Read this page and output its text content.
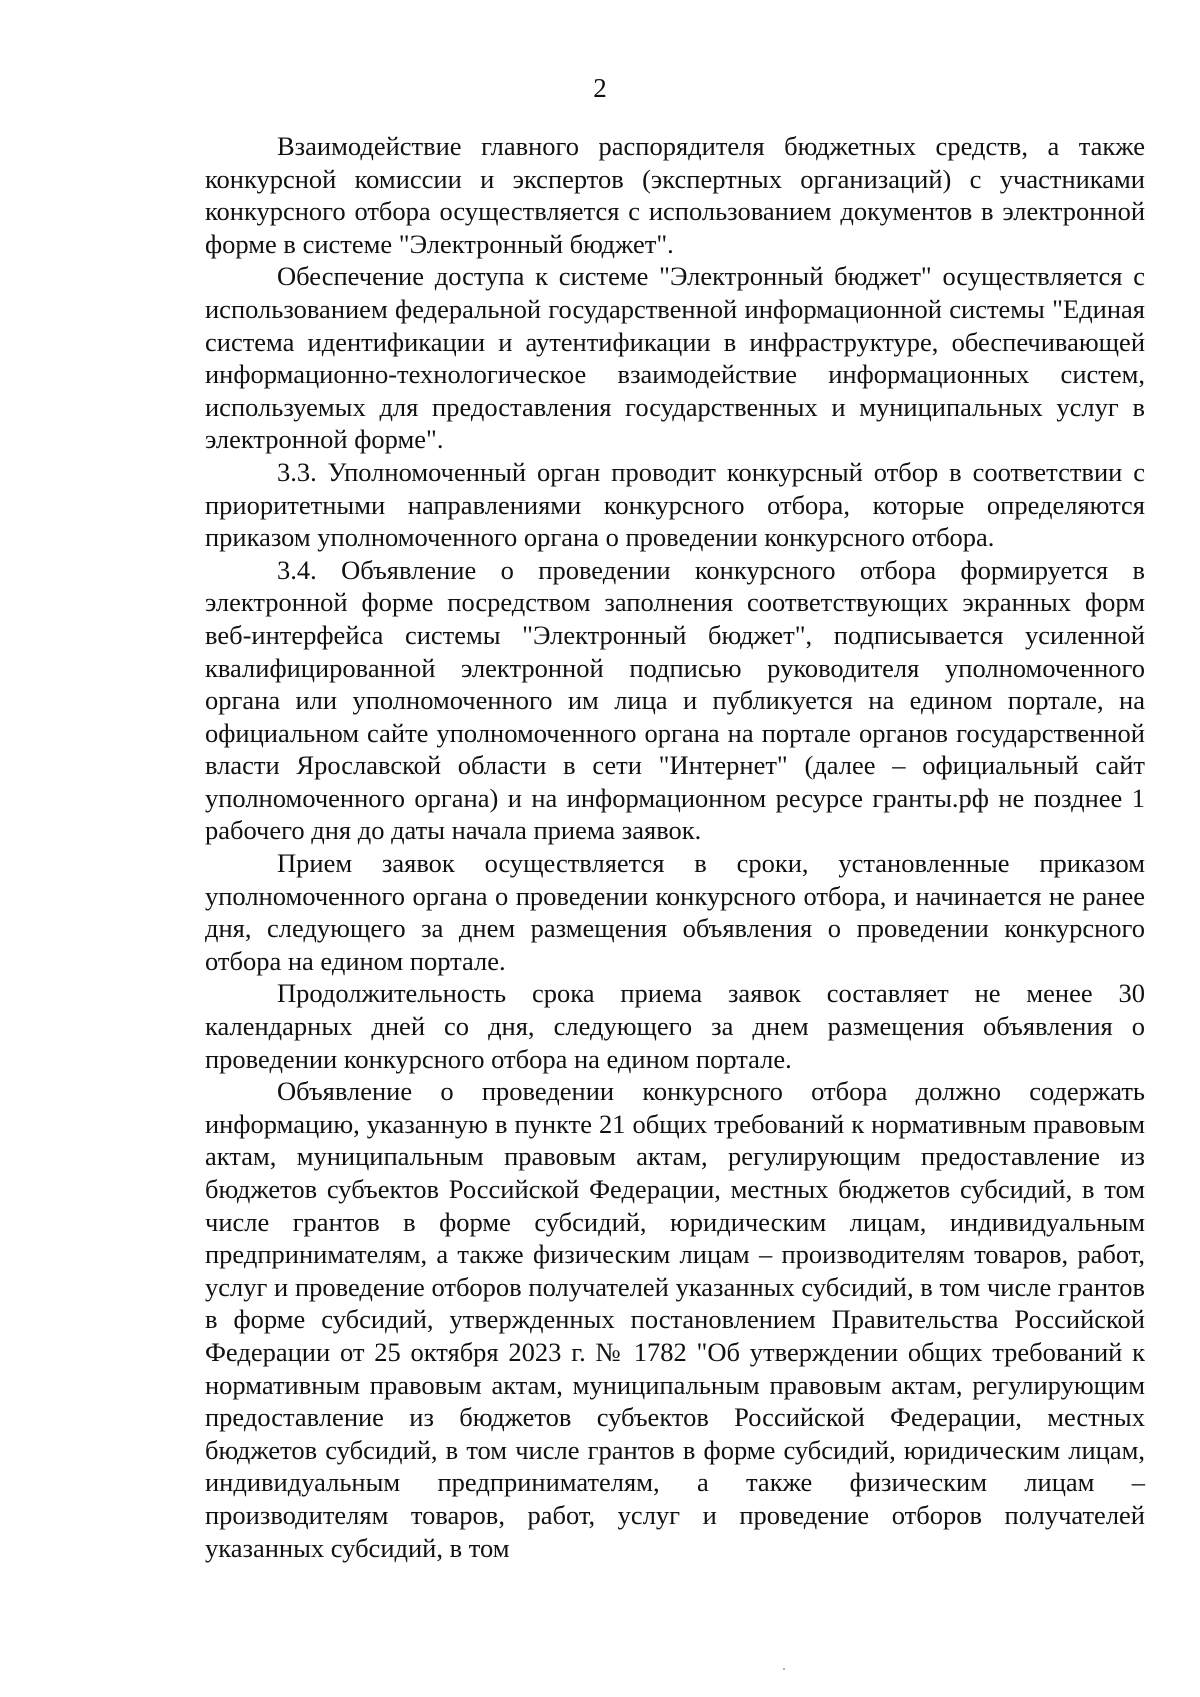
2

Взаимодействие главного распорядителя бюджетных средств, а также конкурсной комиссии и экспертов (экспертных организаций) с участниками конкурсного отбора осуществляется с использованием документов в электронной форме в системе "Электронный бюджет".

Обеспечение доступа к системе "Электронный бюджет" осуществляется с использованием федеральной государственной информационной системы "Единая система идентификации и аутентификации в инфраструктуре, обеспечивающей информационно-технологическое взаимодействие информационных систем, используемых для предоставления государственных и муниципальных услуг в электронной форме".

3.3. Уполномоченный орган проводит конкурсный отбор в соответствии с приоритетными направлениями конкурсного отбора, которые определяются приказом уполномоченного органа о проведении конкурсного отбора.

3.4. Объявление о проведении конкурсного отбора формируется в электронной форме посредством заполнения соответствующих экранных форм веб-интерфейса системы "Электронный бюджет", подписывается усиленной квалифицированной электронной подписью руководителя уполномоченного органа или уполномоченного им лица и публикуется на едином портале, на официальном сайте уполномоченного органа на портале органов государственной власти Ярославской области в сети "Интернет" (далее – официальный сайт уполномоченного органа) и на информационном ресурсе гранты.рф не позднее 1 рабочего дня до даты начала приема заявок.

Прием заявок осуществляется в сроки, установленные приказом уполномоченного органа о проведении конкурсного отбора, и начинается не ранее дня, следующего за днем размещения объявления о проведении конкурсного отбора на едином портале.

Продолжительность срока приема заявок составляет не менее 30 календарных дней со дня, следующего за днем размещения объявления о проведении конкурсного отбора на едином портале.

Объявление о проведении конкурсного отбора должно содержать информацию, указанную в пункте 21 общих требований к нормативным правовым актам, муниципальным правовым актам, регулирующим предоставление из бюджетов субъектов Российской Федерации, местных бюджетов субсидий, в том числе грантов в форме субсидий, юридическим лицам, индивидуальным предпринимателям, а также физическим лицам – производителям товаров, работ, услуг и проведение отборов получателей указанных субсидий, в том числе грантов в форме субсидий, утвержденных постановлением Правительства Российской Федерации от 25 октября 2023 г. № 1782 "Об утверждении общих требований к нормативным правовым актам, муниципальным правовым актам, регулирующим предоставление из бюджетов субъектов Российской Федерации, местных бюджетов субсидий, в том числе грантов в форме субсидий, юридическим лицам, индивидуальным предпринимателям, а также физическим лицам – производителям товаров, работ, услуг и проведение отборов получателей указанных субсидий, в том
